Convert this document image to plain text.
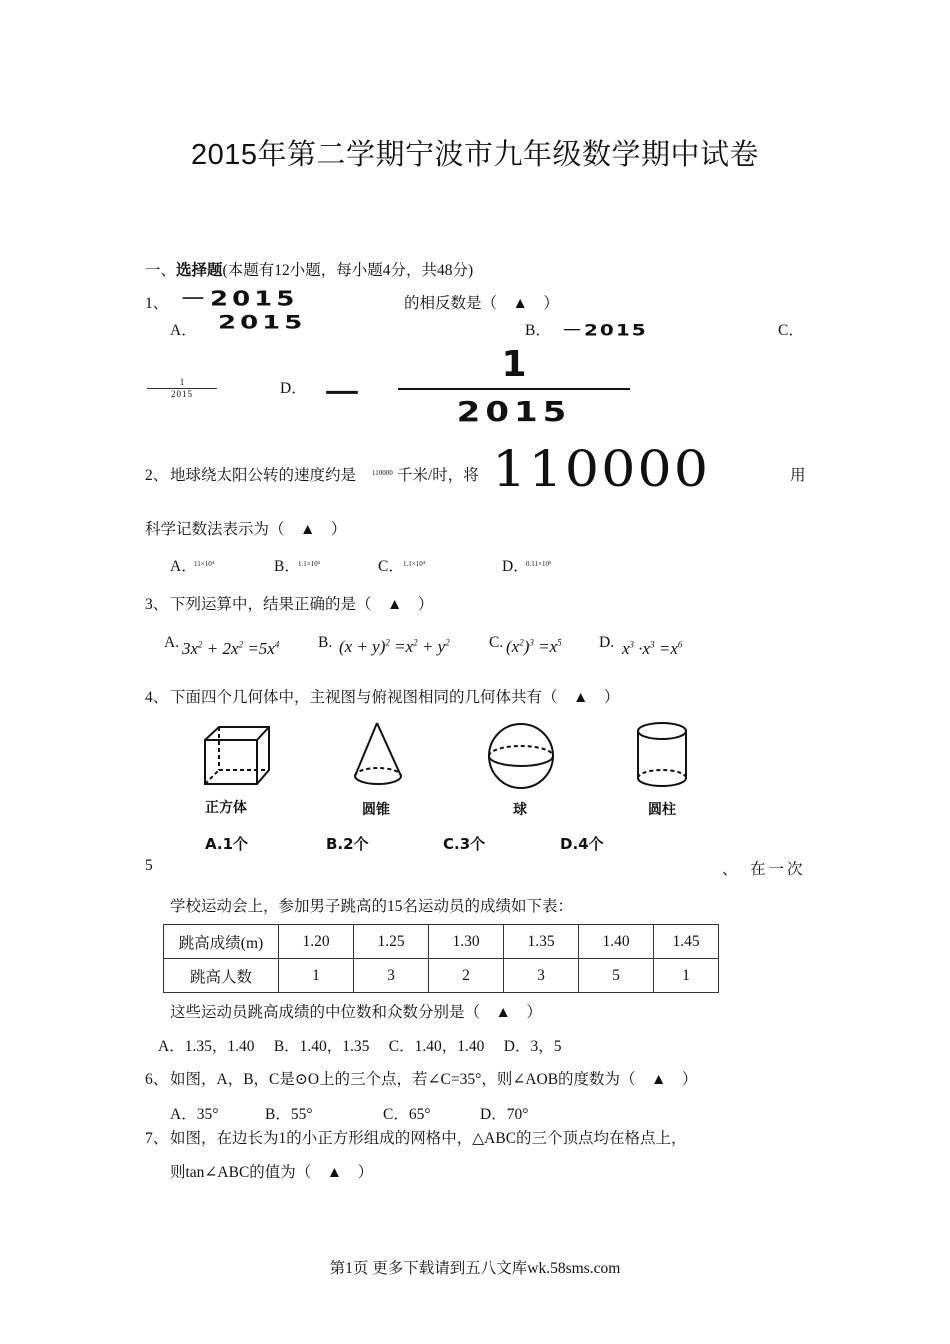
2015年第二学期宁波市九年级数学期中试卷
一、选择题(本题有12小题，每小题4分，共48分)
1、 －2015	的相反数是（　▲　）
A． 2015	B． －2015	C．
1
2015	D． －
1
2015
2、 地球绕太阳公转的速度约是 110000 千米/时，将 110000	用
科学记数法表示为（　▲　）
A．
11×10⁴	B．
1.1×10⁵	C． 1.1×10⁴	D．
0.11×10⁶
3、 下列运算中，结果正确的是（　▲　）
A. $3x^2 + 2x^2 =5x^4$ B. $(x + y)^2 =x^2 + y^2$	C. $(x^2)^3 =x^5$ D. $x^3 \cdot x^3 =x^6$
4、 下面四个几何体中，主视图与俯视图相同的几何体共有（　▲　）
正方体	圆锥	球	圆柱
A.1个	B.2个	C.3个	D.4个
5	、 在一次
学校运动会上，参加男子跳高的15名运动员的成绩如下表：
跳高成绩(m)	1.20	1.25	1.30	1.35	1.40	1.45
跳高人数	1	3	2	3	5	1
这些运动员跳高成绩的中位数和众数分别是（　▲　）
A．1.35，1.40　 B．1.40，1.35　 C．1.40，1.40　 D．3，5
6、 如图，A，B，C是⊙O上的三个点，若∠C=35°，则∠AOB的度数为（　▲　）
A．35°	B．55°	C．65°	D．70°
7、 如图，在边长为1的小正方形组成的网格中，△ABC的三个顶点均在格点上，
则tan∠ABC的值为（　▲　）
第1页 更多下载请到五八文库wk.58sms.com
